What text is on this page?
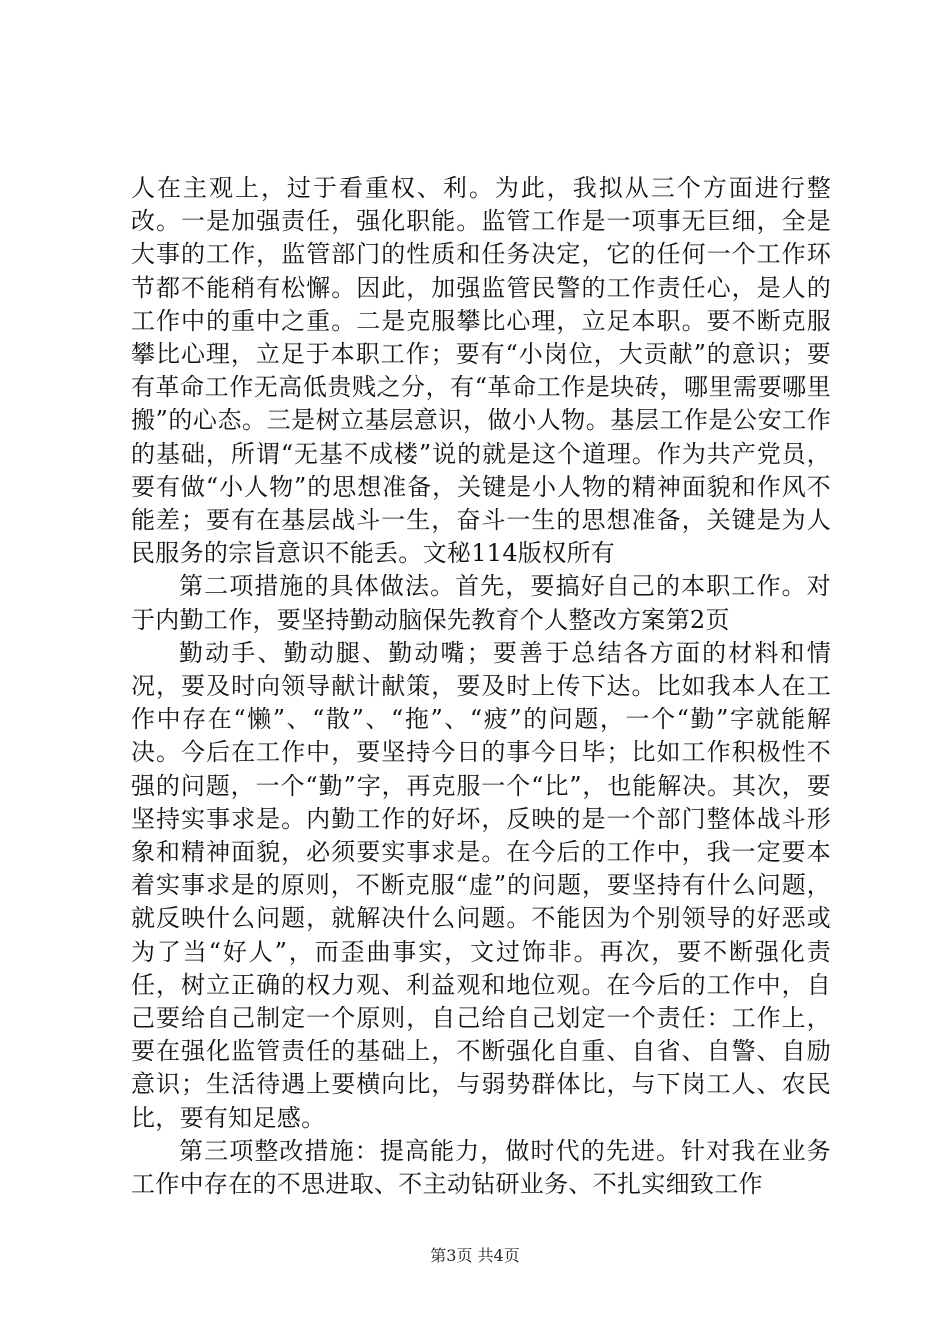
人在主观上，过于看重权、利。为此，我拟从三个方面进行整改。一是加强责任，强化职能。监管工作是一项事无巨细，全是大事的工作，监管部门的性质和任务决定，它的任何一个工作环节都不能稍有松懈。因此，加强监管民警的工作责任心，是人的工作中的重中之重。二是克服攀比心理，立足本职。要不断克服攀比心理，立足于本职工作；要有“小岗位，大贡献”的意识；要有革命工作无高低贵贱之分，有“革命工作是块砖，哪里需要哪里搬”的心态。三是树立基层意识，做小人物。基层工作是公安工作的基础，所谓“无基不成楼”说的就是这个道理。作为共产党员，要有做“小人物”的思想准备，关键是小人物的精神面貌和作风不能差；要有在基层战斗一生，奋斗一生的思想准备，关键是为人民服务的宗旨意识不能丢。文秘114版权所有

第二项措施的具体做法。首先，要搞好自己的本职工作。对于内勤工作，要坚持勤动脑保先教育个人整改方案第2页

勤动手、勤动腿、勤动嘴；要善于总结各方面的材料和情况，要及时向领导献计献策，要及时上传下达。比如我本人在工作中存在“懒”、“散”、“拖”、“疲”的问题，一个“勤”字就能解决。今后在工作中，要坚持今日的事今日毕；比如工作积极性不强的问题，一个“勤”字，再克服一个“比”，也能解决。其次，要坚持实事求是。内勤工作的好坏，反映的是一个部门整体战斗形象和精神面貌，必须要实事求是。在今后的工作中，我一定要本着实事求是的原则，不断克服“虚”的问题，要坚持有什么问题，就反映什么问题，就解决什么问题。不能因为个别领导的好恶或为了当“好人”，而歪曲事实，文过饰非。再次，要不断强化责任，树立正确的权力观、利益观和地位观。在今后的工作中，自己要给自己制定一个原则，自己给自己划定一个责任：工作上，要在强化监管责任的基础上，不断强化自重、自省、自警、自励意识；生活待遇上要横向比，与弱势群体比，与下岗工人、农民比，要有知足感。

第三项整改措施：提高能力，做时代的先进。针对我在业务工作中存在的不思进取、不主动钻研业务、不扎实细致工作

第3页 共4页
